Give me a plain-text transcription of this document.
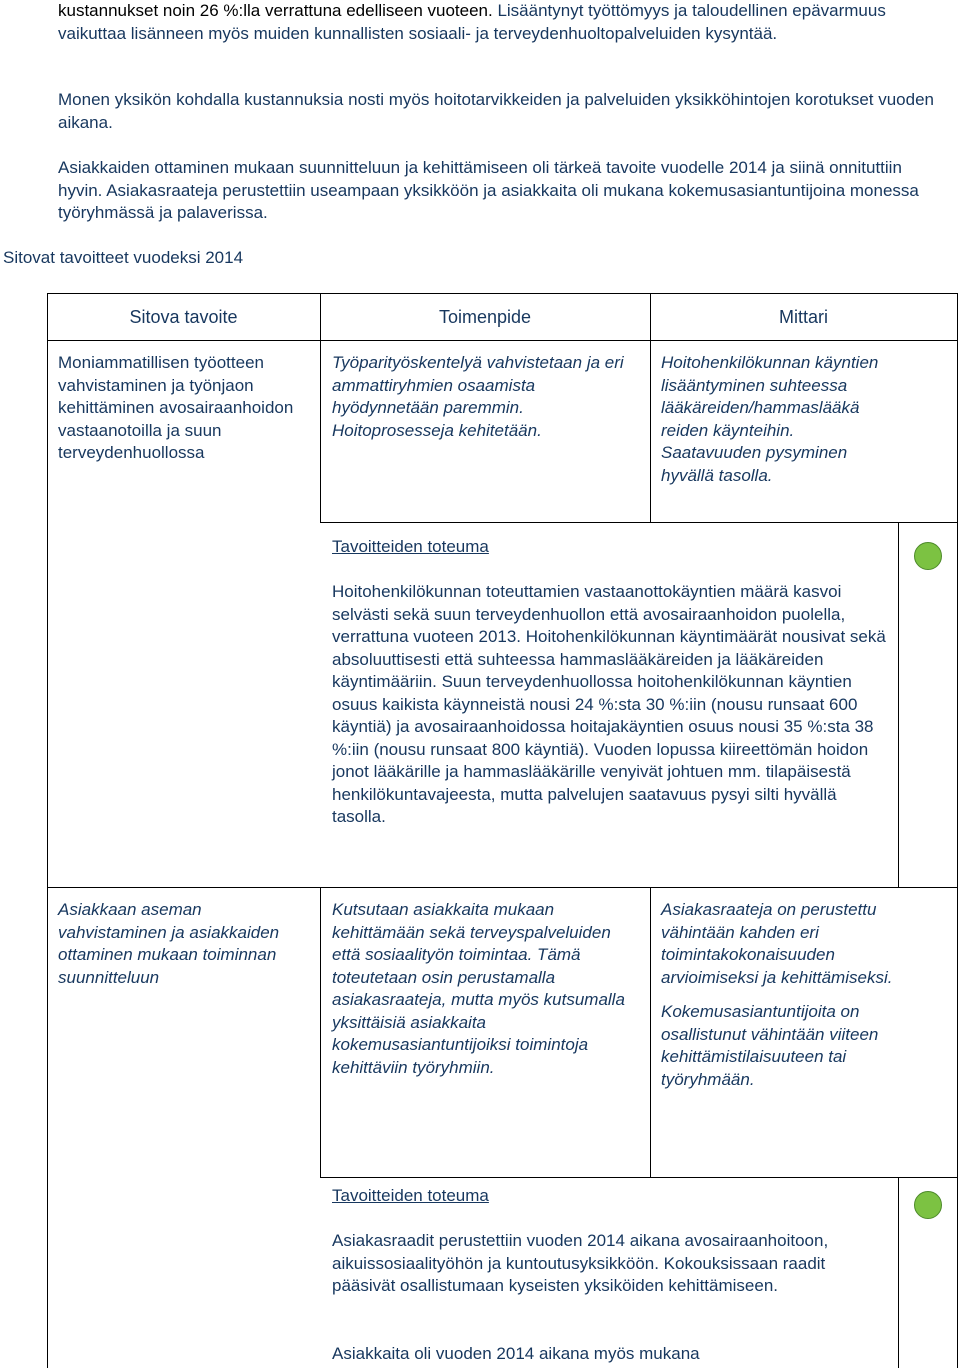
kustannukset noin 26 %:lla verrattuna edelliseen vuoteen. Lisääntynyt työttömyys ja taloudellinen epävarmuus vaikuttaa lisänneen myös muiden kunnallisten sosiaali- ja terveydenhuoltopalveluiden kysyntää.

Monen yksikön kohdalla kustannuksia nosti myös hoitotarvikkeiden ja palveluiden yksikköhintojen korotukset vuoden aikana.

Asiakkaiden ottaminen mukaan suunnitteluun ja kehittämiseen oli tärkeä tavoite vuodelle 2014 ja siinä onnituttiin hyvin. Asiakasraateja perustettiin useampaan yksikköön ja asiakkaita oli mukana kokemusasiantuntijoina monessa työryhmässä ja palaverissa.

Sitovat tavoitteet vuodeksi 2014
Sitova tavoite	Toimenpide	Mittari
Moniammatillisen työotteen vahvistaminen ja työnjaon kehittäminen avosairaanhoidon vastaanotoilla ja suun terveydenhuollossa
Työparityöskentelyä vahvistetaan ja eri ammattiryhmien osaamista hyödynnetään paremmin. Hoitoprosesseja kehitetään.
Hoitohenkilökunnan käyntien lisääntyminen suhteessa lääkäreiden/hammaslääkä reiden käynteihin. Saatavuuden pysyminen hyvällä tasolla.
Tavoitteiden toteuma
Hoitohenkilökunnan toteuttamien vastaanottokäyntien määrä kasvoi selvästi sekä suun terveydenhuollon että avosairaanhoidon puolella, verrattuna vuoteen 2013. Hoitohenkilökunnan käyntimäärät nousivat sekä absoluuttisesti että suhteessa hammaslääkäreiden ja lääkäreiden käyntimääriin. Suun terveydenhuollossa hoitohenkilökunnan käyntien osuus kaikista käynneistä nousi 24 %:sta 30 %:iin (nousu runsaat 600 käyntiä) ja avosairaanhoidossa hoitajakäyntien osuus nousi 35 %:sta 38 %:iin (nousu runsaat 800 käyntiä). Vuoden lopussa kiireettömän hoidon jonot lääkärille ja hammaslääkärille venyivät johtuen mm. tilapäisestä henkilökuntavajeesta, mutta palvelujen saatavuus pysyi silti hyvällä tasolla.
Asiakkaan aseman vahvistaminen ja asiakkaiden ottaminen mukaan toiminnan suunnitteluun
Kutsutaan asiakkaita mukaan kehittämään sekä terveyspalveluiden että sosiaalityön toimintaa. Tämä toteutetaan osin perustamalla asiakasraateja, mutta myös kutsumalla yksittäisiä asiakkaita kokemusasiantuntijoiksi toimintoja kehittäviin työryhmiin.
Asiakasraateja on perustettu vähintään kahden eri toimintakokonaisuuden arvioimiseksi ja kehittämiseksi.
Kokemusasiantuntijoita on osallistunut vähintään viiteen kehittämistilaisuuteen tai työryhmään.
Tavoitteiden toteuma
Asiakasraadit perustettiin vuoden 2014 aikana avosairaanhoitoon, aikuissosiaalityöhön ja kuntoutusyksikköön. Kokouksissaan raadit pääsivät osallistumaan kyseisten yksiköiden kehittämiseen.
Asiakkaita oli vuoden 2014 aikana myös mukana
